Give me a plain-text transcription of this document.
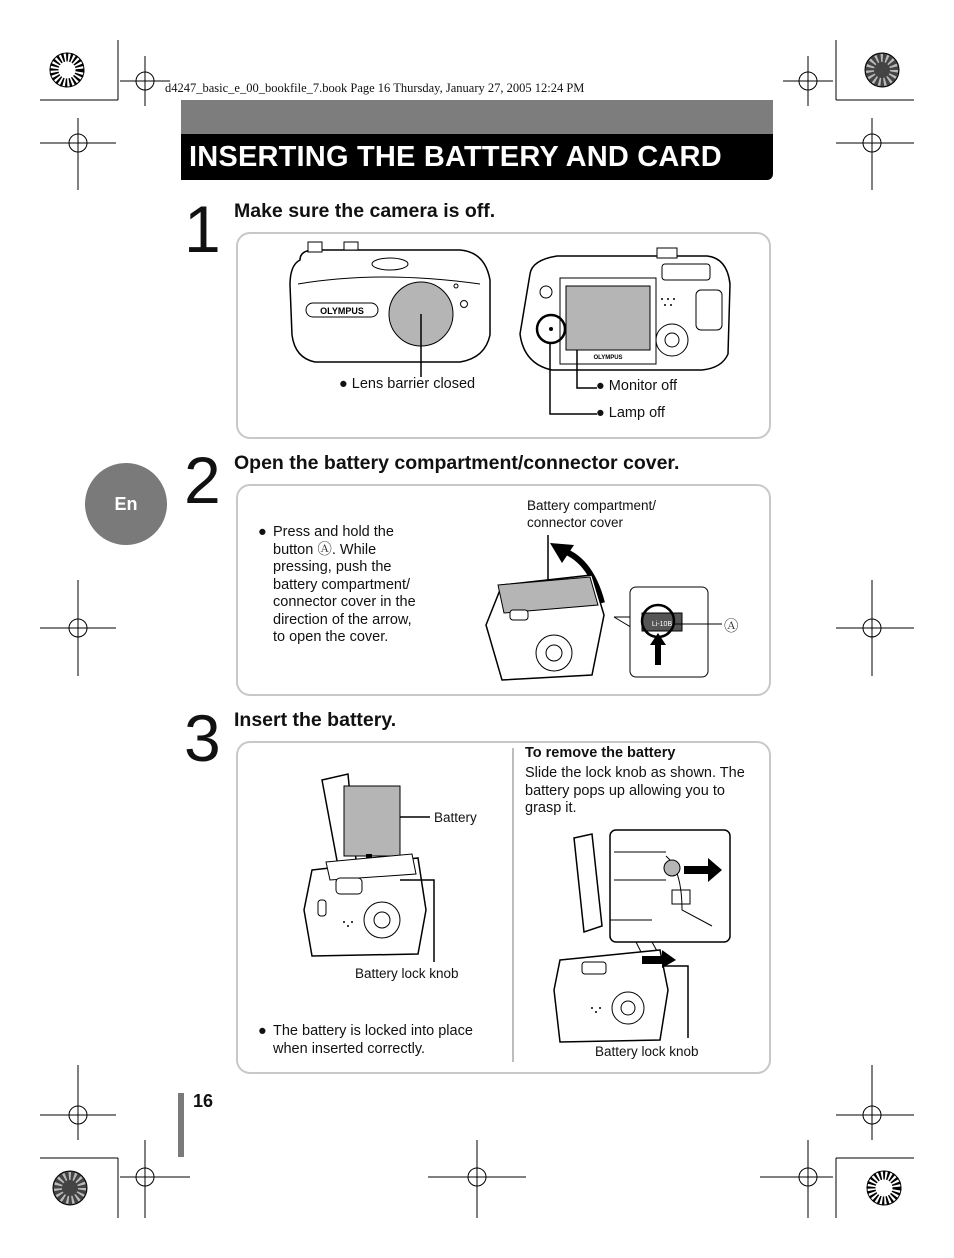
d4247_basic_e_00_bookfile_7.book Page 16 Thursday, January 27, 2005 12:24 PM
INSERTING THE BATTERY AND CARD
En
1 Make sure the camera is off.
OLYMPUS
● Lens barrier closed
OLYMPUS
● Monitor off
● Lamp off
2 Open the battery compartment/connector cover.
● Press and hold the
button Ⓐ. While
pressing, push the
battery compartment/
connector cover in the
direction of the arrow,
to open the cover.
Battery compartment/
connector cover
Li-10B	Ⓐ
3 Insert the battery.
Battery
Battery lock knob
● The battery is locked into place
when inserted correctly.
To remove the battery
Slide the lock knob as shown. The
battery pops up allowing you to
grasp it.
Battery lock knob
16
